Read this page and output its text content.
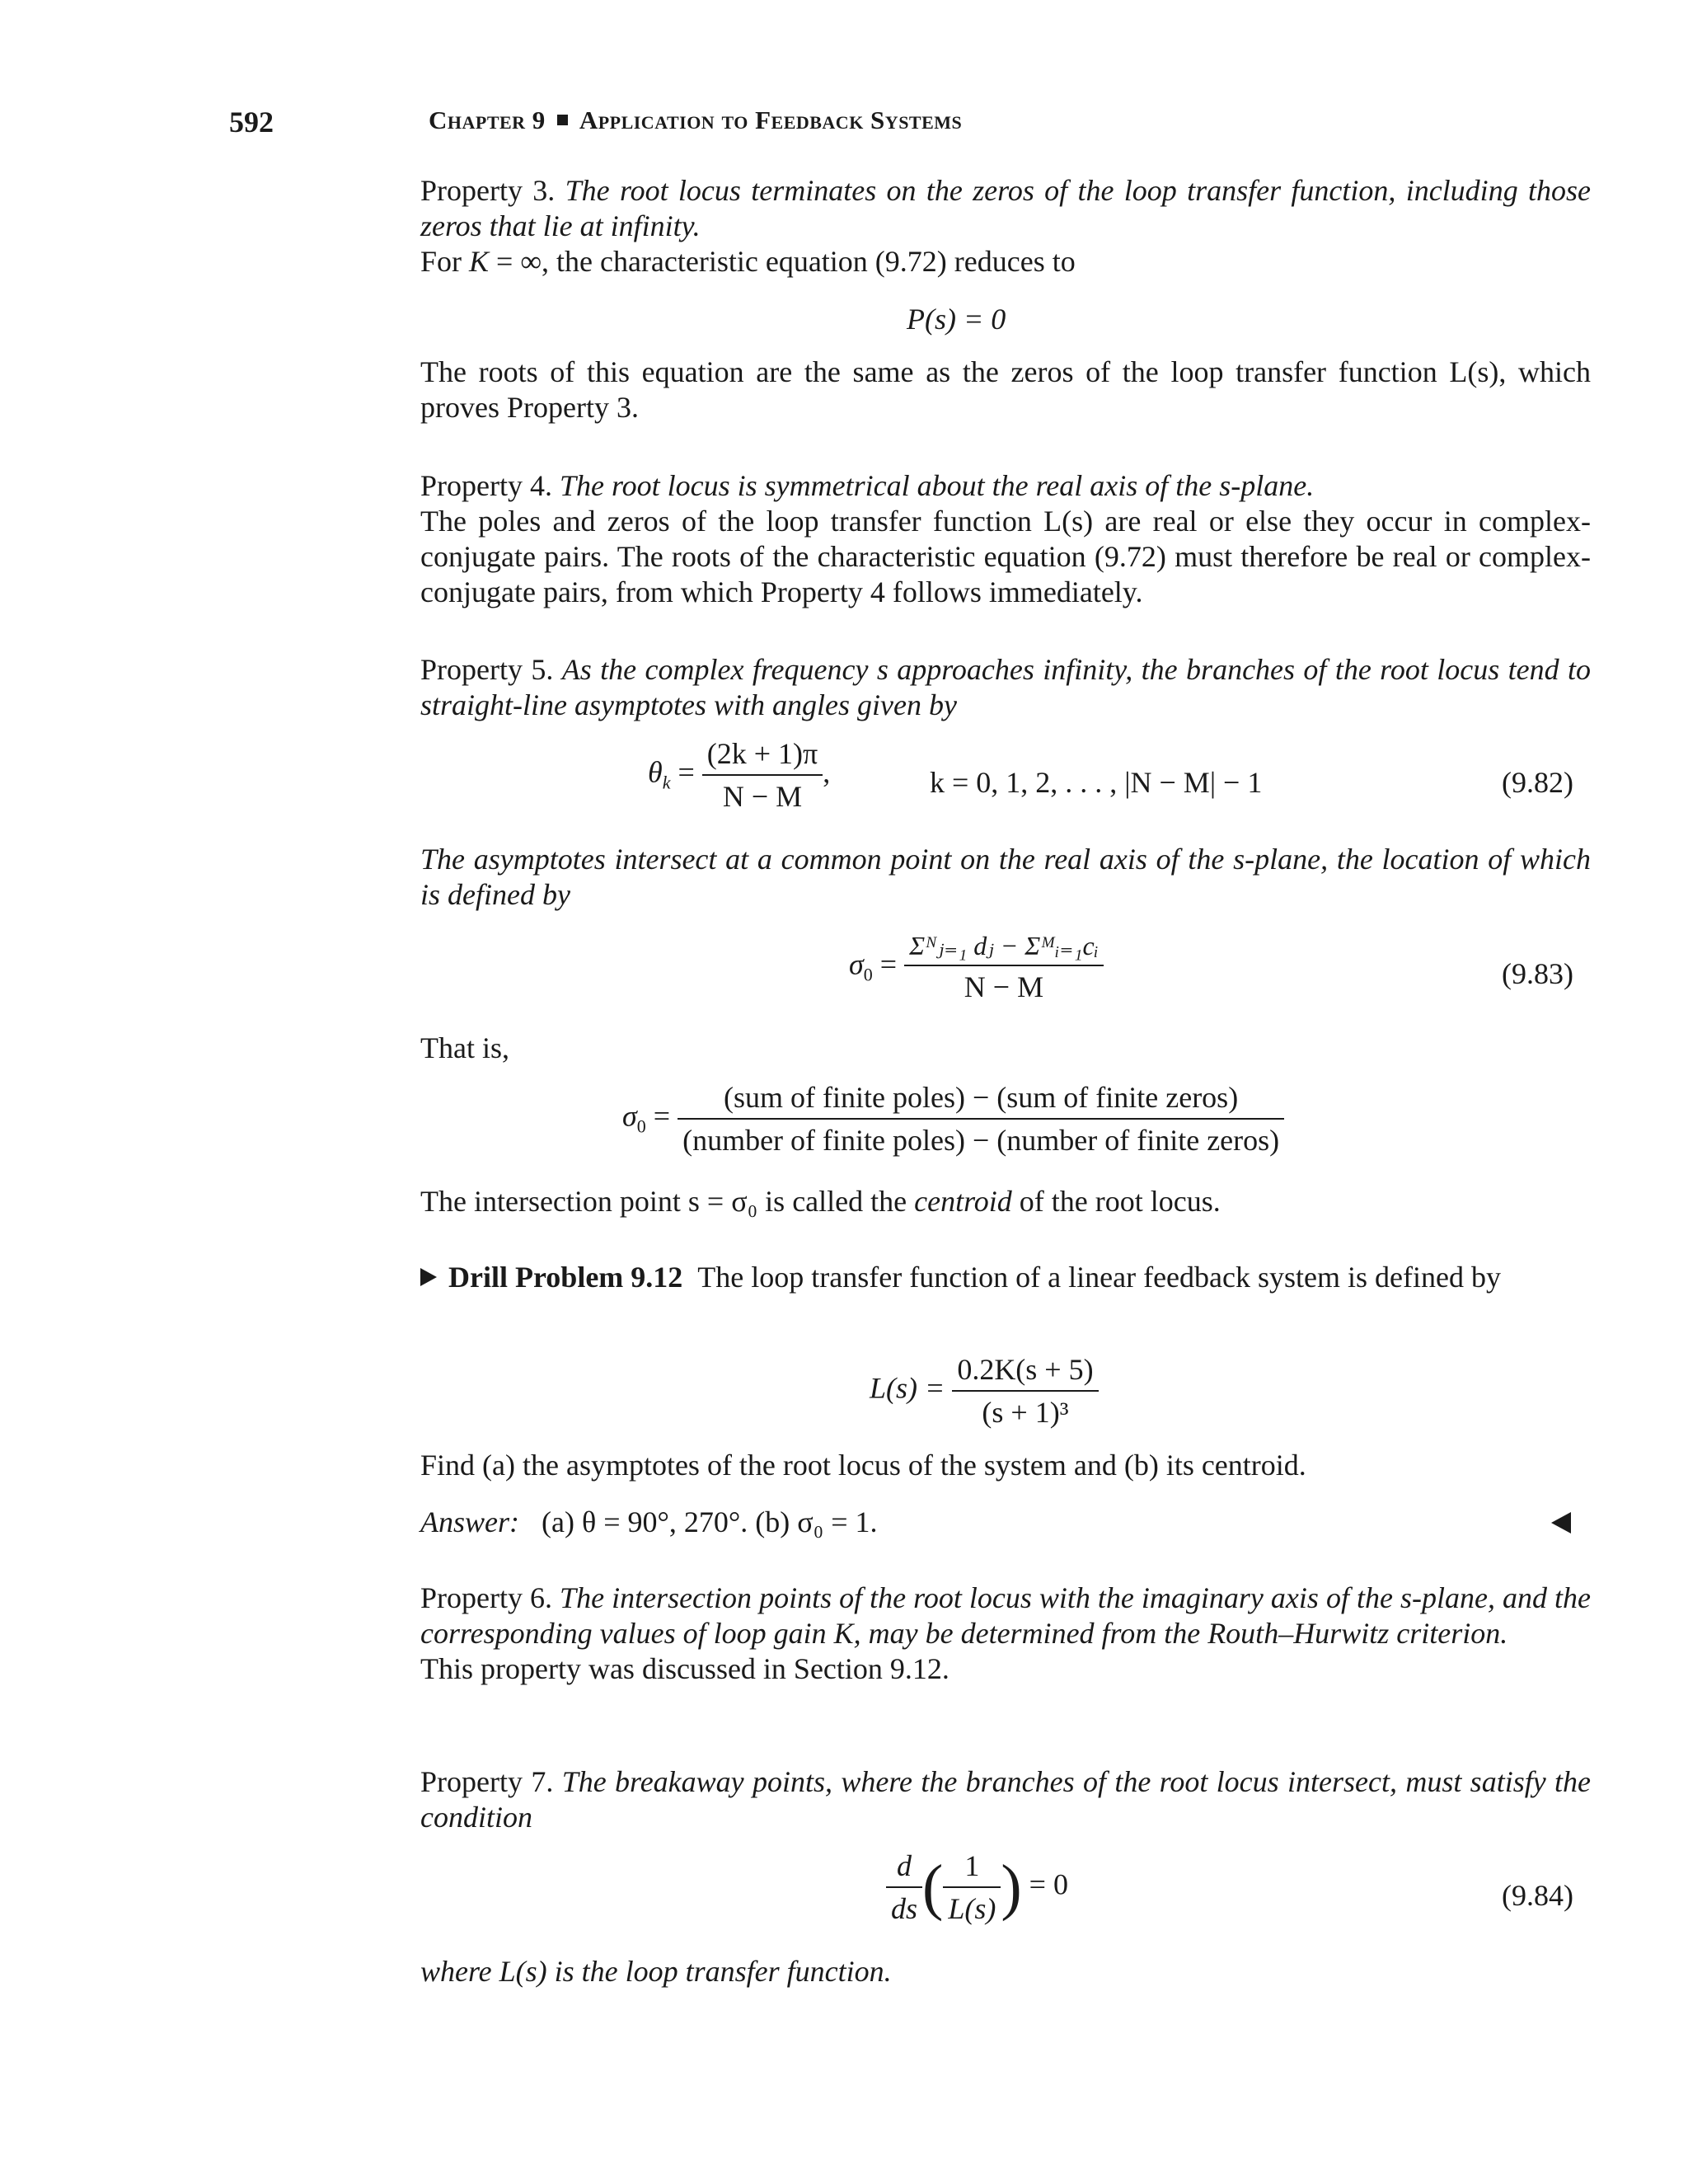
592	Chapter 9 Application to Feedback Systems

Property 3. The root locus terminates on the zeros of the loop transfer function, including those zeros that lie at infinity.

For K = ∞, the characteristic equation (9.72) reduces to

P(s) = 0
The roots of this equation are the same as the zeros of the loop transfer function L(s), which proves Property 3.

Property 4. The root locus is symmetrical about the real axis of the s-plane.

The poles and zeros of the loop transfer function L(s) are real or else they occur in complex-conjugate pairs. The roots of the characteristic equation (9.72) must therefore be real or complex-conjugate pairs, from which Property 4 follows immediately.

Property 5. As the complex frequency s approaches infinity, the branches of the root locus tend to straight-line asymptotes with angles given by

$\theta_k = \frac{(2k + 1)\pi}{N - M}$ ,	k = 0, 1, 2, . . . , |N − M| − 1	(9.82)
The asymptotes intersect at a common point on the real axis of the s-plane, the location of which is defined by
$\sigma_0 = \frac{\text{Σᴺⱼ₌₁ dⱼ − Σᴹᵢ₌₁cᵢ}}{N - M}$	(9.83)
That is,
$\sigma_0 = \frac{\text{(sum of finite poles) − (sum of finite zeros)}}{\text{(number of finite poles) − (number of finite zeros)}}$
The intersection point s = σ₀ is called the centroid of the root locus.

Drill Problem 9.12 The loop transfer function of a linear feedback system is defined by

$L(s) = \frac{0.2K(s + 5)}{\text{(s + 1)³}}$
Find (a) the asymptotes of the root locus of the system and (b) its centroid.
Answer: (a) θ = 90°, 270°. (b) σ₀ = 1.

Property 6. The intersection points of the root locus with the imaginary axis of the s-plane, and the corresponding values of loop gain K, may be determined from the Routh–Hurwitz criterion.

This property was discussed in Section 9.12.

Property 7. The breakaway points, where the branches of the root locus intersect, must satisfy the condition

$\frac{d}{ds}$ ( $\frac{1}{L(s)}$ ) = 0	(9.84)
where L(s) is the loop transfer function.
